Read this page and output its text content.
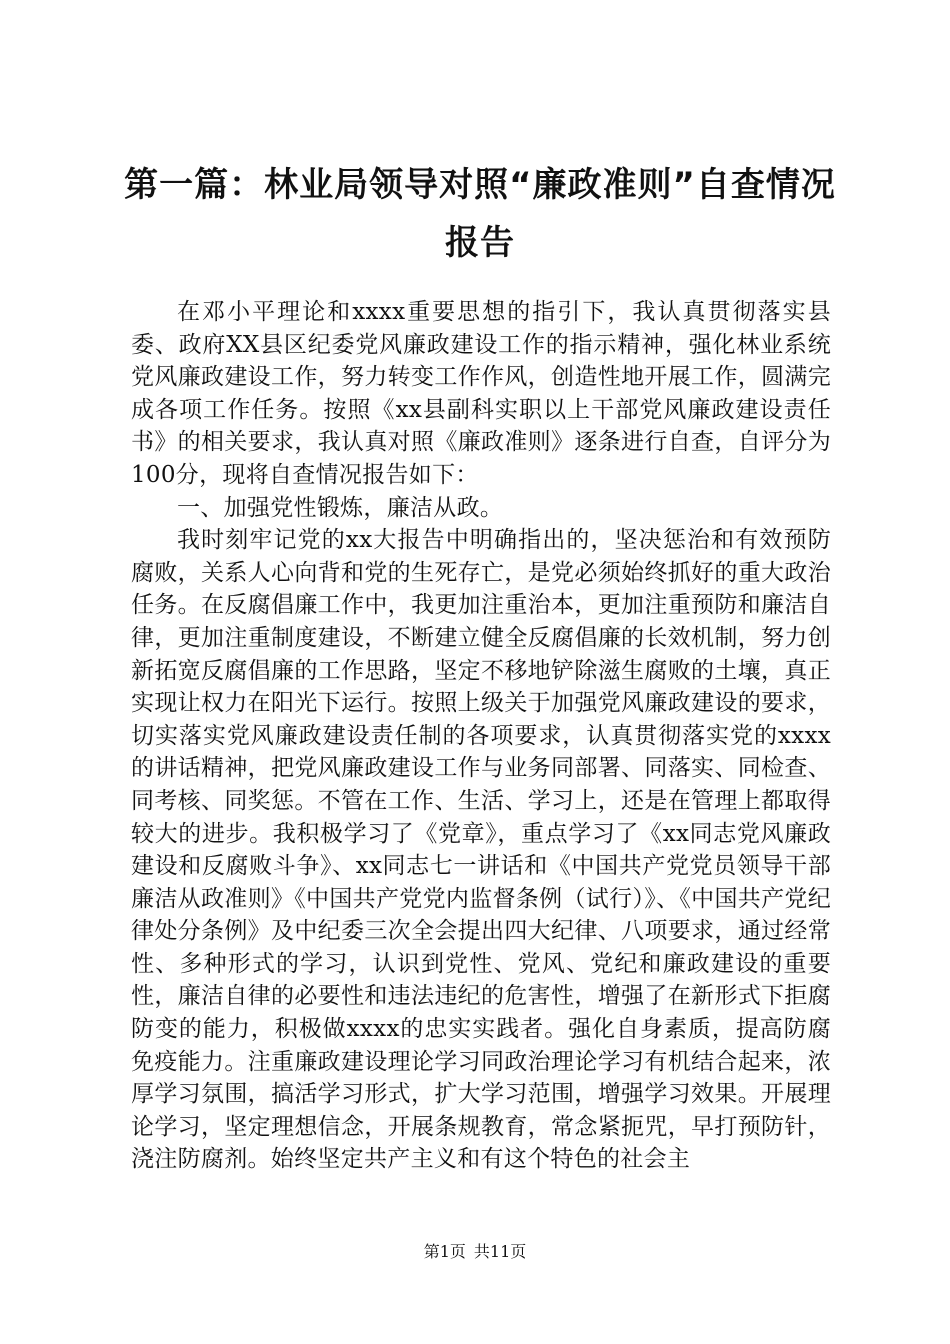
第一篇：林业局领导对照“廉政准则”自查情况报告

在邓小平理论和xxxx重要思想的指引下，我认真贯彻落实县委、政府XX县区纪委党风廉政建设工作的指示精神，强化林业系统党风廉政建设工作，努力转变工作作风，创造性地开展工作，圆满完成各项工作任务。按照《xx县副科实职以上干部党风廉政建设责任书》的相关要求，我认真对照《廉政准则》逐条进行自查，自评分为100分，现将自查情况报告如下：

一、加强党性锻炼，廉洁从政。

我时刻牢记党的xx大报告中明确指出的，坚决惩治和有效预防腐败，关系人心向背和党的生死存亡，是党必须始终抓好的重大政治任务。在反腐倡廉工作中，我更加注重治本，更加注重预防和廉洁自律，更加注重制度建设，不断建立健全反腐倡廉的长效机制，努力创新拓宽反腐倡廉的工作思路，坚定不移地铲除滋生腐败的土壤，真正实现让权力在阳光下运行。按照上级关于加强党风廉政建设的要求，切实落实党风廉政建设责任制的各项要求，认真贯彻落实党的xxxx的讲话精神，把党风廉政建设工作与业务同部署、同落实、同检查、同考核、同奖惩。不管在工作、生活、学习上，还是在管理上都取得较大的进步。我积极学习了《党章》，重点学习了《xx同志党风廉政建设和反腐败斗争》、xx同志七一讲话和《中国共产党党员领导干部廉洁从政准则》《中国共产党党内监督条例（试行）》、《中国共产党纪律处分条例》及中纪委三次全会提出四大纪律、八项要求，通过经常性、多种形式的学习，认识到党性、党风、党纪和廉政建设的重要性，廉洁自律的必要性和违法违纪的危害性，增强了在新形式下拒腐防变的能力，积极做xxxx的忠实实践者。强化自身素质，提高防腐免疫能力。注重廉政建设理论学习同政治理论学习有机结合起来，浓厚学习氛围，搞活学习形式，扩大学习范围，增强学习效果。开展理论学习，坚定理想信念，开展条规教育，常念紧扼咒，早打预防针，浇注防腐剂。始终坚定共产主义和有这个特色的社会主

第1页 共11页
